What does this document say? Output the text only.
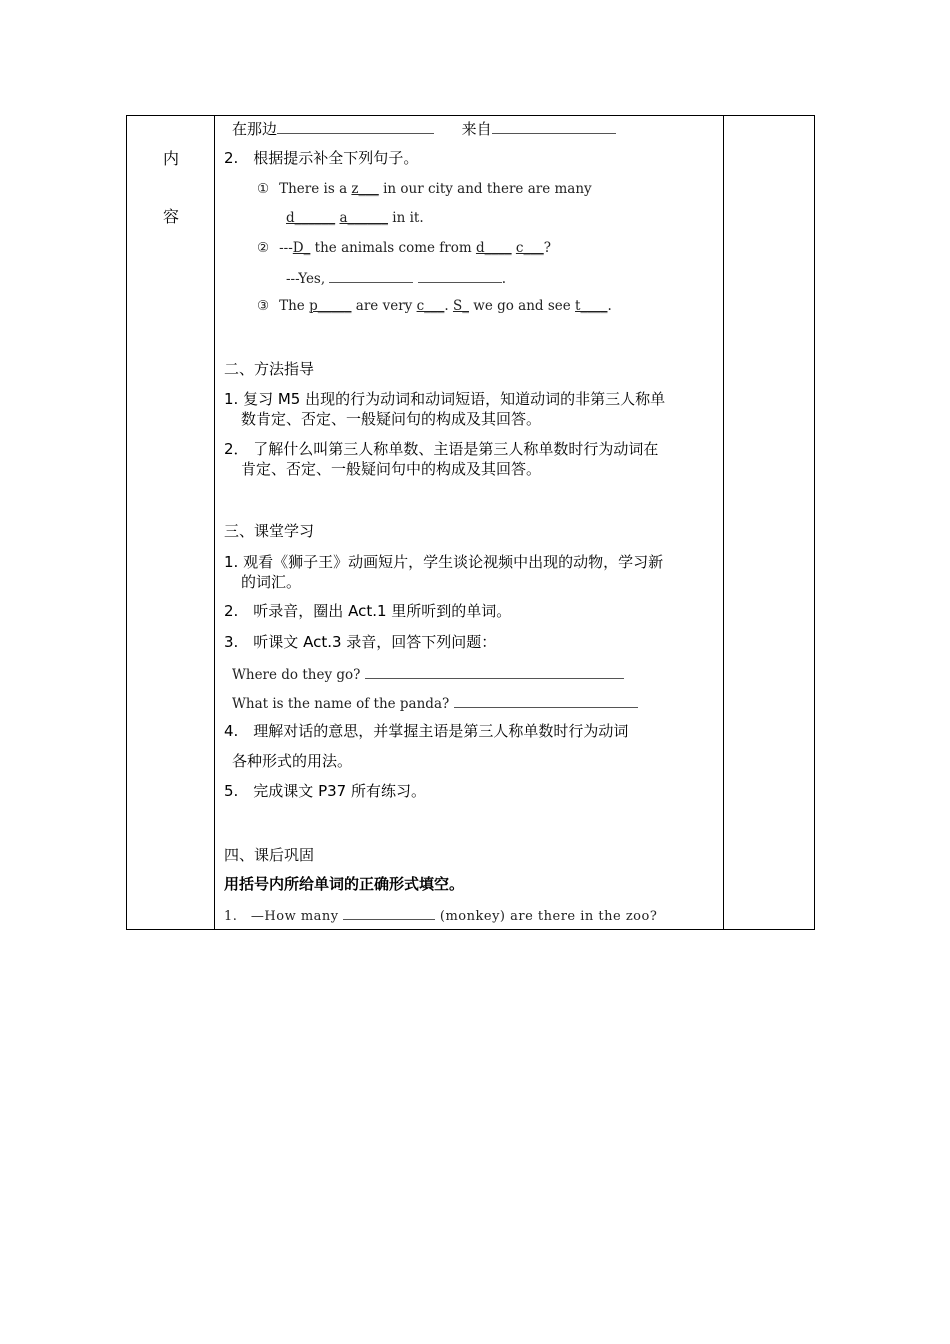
内
容
在那边	来自
2.　根据提示补全下列句子。
① There is a z___ in our city and there are many
d______ a______ in it.
② ---D_ the animals come from d____ c___?
---Yes,	.
③ The p_____ are very c___. S_ we go and see t____.
二、方法指导
1. 复习 M5 出现的行为动词和动词短语，知道动词的非第三人称单
数肯定、否定、一般疑问句的构成及其回答。
2． 了解什么叫第三人称单数、主语是第三人称单数时行为动词在
肯定、否定、一般疑问句中的构成及其回答。
三、课堂学习
1. 观看《狮子王》动画短片，学生谈论视频中出现的动物，学习新
的词汇。
2.　听录音，圈出 Act.1 里所听到的单词。
3.　听课文 Act.3 录音，回答下列问题：
Where do they go?
What is the name of the panda?
4.　理解对话的意思，并掌握主语是第三人称单数时行为动词
各种形式的用法。
5.　完成课文 P37 所有练习。
四、课后巩固
用括号内所给单词的正确形式填空。
1.　—How many	(monkey) are there in the zoo?
